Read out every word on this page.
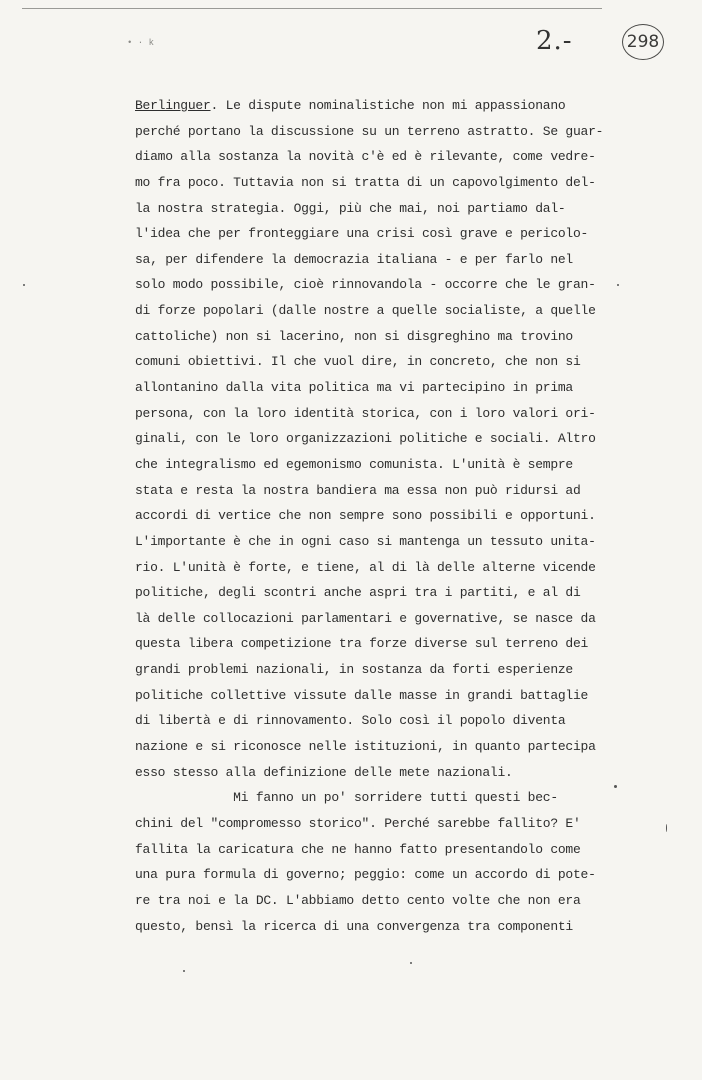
• · k	2.-	298
Berlinguer. Le dispute nominalistiche non mi appassionano
perché portano la discussione su un terreno astratto. Se guar-
diamo alla sostanza la novità c'è ed è rilevante, come vedre-
mo fra poco. Tuttavia non si tratta di un capovolgimento del-
la nostra strategia. Oggi, più che mai, noi partiamo dal-
l'idea che per fronteggiare una crisi così grave e pericolo-
sa, per difendere la democrazia italiana - e per farlo nel
solo modo possibile, cioè rinnovandola - occorre che le gran-
di forze popolari (dalle nostre a quelle socialiste, a quelle
cattoliche) non si lacerino, non si disgreghino ma trovino
comuni obiettivi. Il che vuol dire, in concreto, che non si
allontanino dalla vita politica ma vi partecipino in prima
persona, con la loro identità storica, con i loro valori ori-
ginali, con le loro organizzazioni politiche e sociali. Altro
che integralismo ed egemonismo comunista. L'unità è sempre
stata e resta la nostra bandiera ma essa non può ridursi ad
accordi di vertice che non sempre sono possibili e opportuni.
L'importante è che in ogni caso si mantenga un tessuto unita-
rio. L'unità è forte, e tiene, al di là delle alterne vicende
politiche, degli scontri anche aspri tra i partiti, e al di
là delle collocazioni parlamentari e governative, se nasce da
questa libera competizione tra forze diverse sul terreno dei
grandi problemi nazionali, in sostanza da forti esperienze
politiche collettive vissute dalle masse in grandi battaglie
di libertà e di rinnovamento. Solo così il popolo diventa
nazione e si riconosce nelle istituzioni, in quanto partecipa
esso stesso alla definizione delle mete nazionali.
Mi fanno un po' sorridere tutti questi bec-
chini del "compromesso storico". Perché sarebbe fallito? E'
fallita la caricatura che ne hanno fatto presentandolo come
una pura formula di governo; peggio: come un accordo di pote-
re tra noi e la DC. L'abbiamo detto cento volte che non era
questo, bensì la ricerca di una convergenza tra componenti
